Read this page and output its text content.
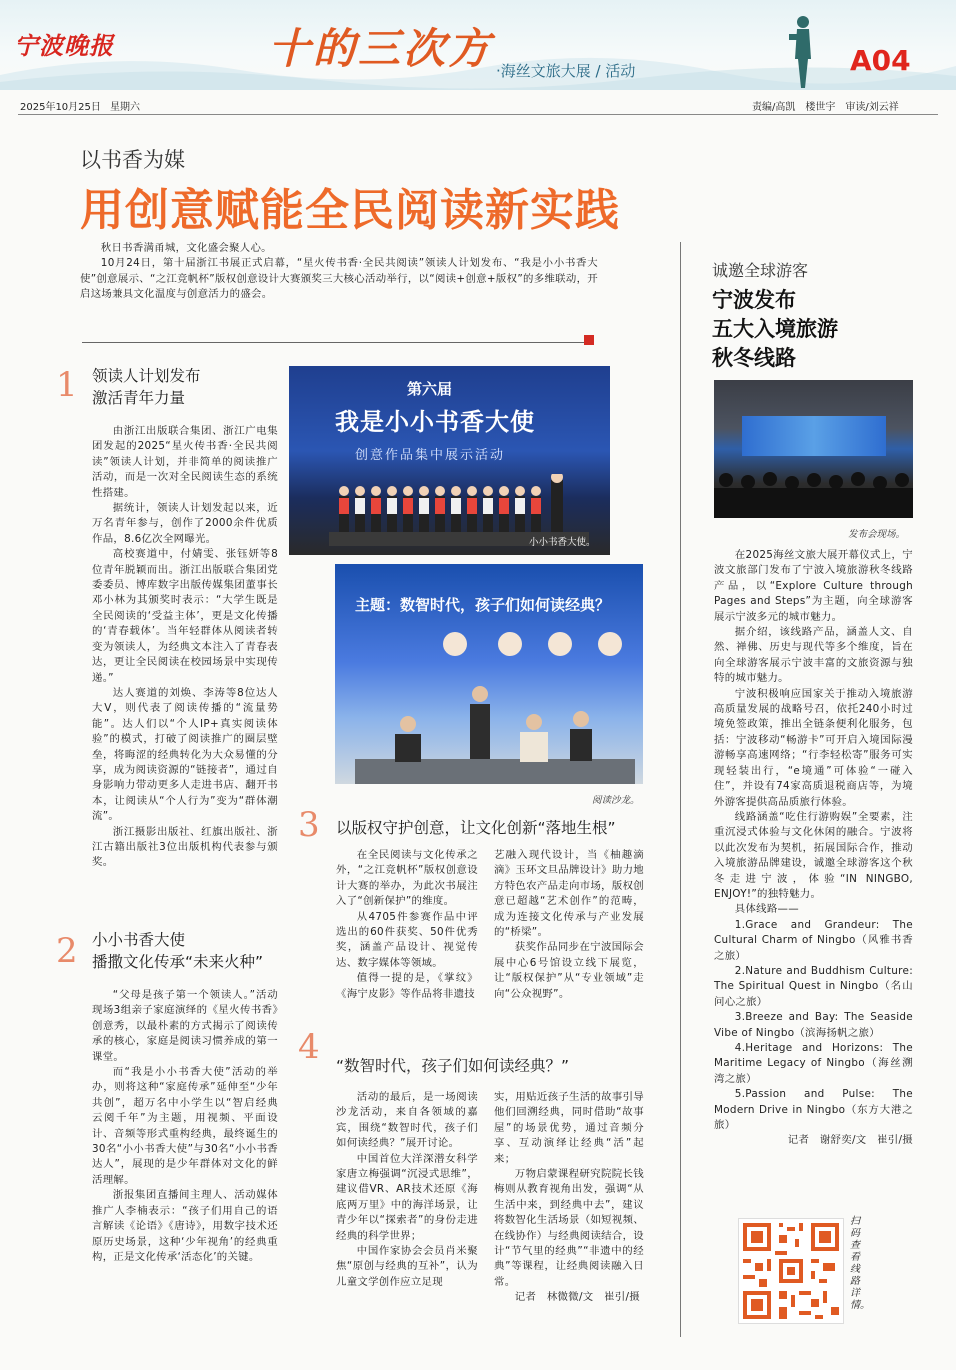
宁波晚报	十的三次方 ·海丝文旅大展 / 活动	A04
2025年10月25日 星期六	责编/高凯　楼世宇　审读/刘云祥
以书香为媒
用创意赋能全民阅读新实践

秋日书香满甬城，文化盛会聚人心。

10月24日，第十届浙江书展正式启幕，“星火传书香·全民共阅读”领读人计划发布、“我是小小书香大使”创意展示、“之江竞帆杯”版权创意设计大赛颁奖三大核心活动举行，以“阅读+创意+版权”的多维联动，开启这场兼具文化温度与创意活力的盛会。

1 领读人计划发布
激活青年力量

由浙江出版联合集团、浙江广电集团发起的2025“星火传书香·全民共阅读”领读人计划，并非简单的阅读推广活动，而是一次对全民阅读生态的系统性搭建。

据统计，领读人计划发起以来，近万名青年参与，创作了2000余件优质作品，8.6亿次全网曝光。

高校赛道中，付婧雯、张钰妍等8位青年脱颖而出。浙江出版联合集团党委委员、博库数字出版传媒集团董事长邓小林为其颁奖时表示：“大学生既是全民阅读的‘受益主体’，更是文化传播的‘青春载体’。当年轻群体从阅读者转变为领读人，为经典文本注入了青春表达，更让全民阅读在校园场景中实现传递。”

达人赛道的刘焕、李涛等8位达人大V，则代表了阅读传播的“流量势能”。达人们以“个人IP+真实阅读体验”的模式，打破了阅读推广的圈层壁垒，将晦涩的经典转化为大众易懂的分享，成为阅读资源的“链接者”，通过自身影响力带动更多人走进书店、翻开书本，让阅读从“个人行为”变为“群体潮流”。

浙江摄影出版社、红旗出版社、浙江古籍出版社3位出版机构代表参与颁奖。

2 小小书香大使
播撒文化传承“未来火种”

“父母是孩子第一个领读人。”活动现场3组亲子家庭演绎的《星火传书香》创意秀，以最朴素的方式揭示了阅读传承的核心，家庭是阅读习惯养成的第一课堂。

而“我是小小书香大使”活动的举办，则将这种“家庭传承”延伸至“少年共创”，超万名中小学生以“智启经典 云阅千年”为主题，用视频、平面设计、音频等形式重构经典，最终诞生的30名“小小书香大使”与30名“小小书香达人”，展现的是少年群体对文化的鲜活理解。

浙报集团直播间主理人、活动媒体推广人李楠表示：“孩子们用自己的语言解读《论语》《唐诗》，用数字技术还原历史场景，这种‘少年视角’的经典重构，正是文化传承‘活态化’的关键。

第六届
我是小小书香大使
创意作品集中展示活动
小小书香大使。
主题：数智时代，孩子们如何读经典？
阅读沙龙。
3 以版权守护创意，让文化创新“落地生根”

在全民阅读与文化传承之外，“之江竞帆杯”版权创意设计大赛的举办，为此次书展注入了“创新保护”的维度。

从4705件参赛作品中评选出的60件获奖、50件优秀奖，涵盖产品设计、视觉传达、数字媒体等领域。

值得一提的是，《掌纹》《海宁皮影》等作品将非遗技

艺融入现代设计，当《柚趣滴滴》玉环文旦品牌设计》助力地方特色农产品走向市场，版权创意已超越“艺术创作”的范畴，成为连接文化传承与产业发展的“桥梁”。

获奖作品同步在宁波国际会展中心6号馆设立线下展览，让“版权保护”从“专业领域”走向“公众视野”。

4 “数智时代，孩子们如何读经典？”

活动的最后，是一场阅读沙龙活动，来自各领域的嘉宾，围绕“数智时代，孩子们如何读经典？”展开讨论。

中国首位大洋深潜女科学家唐立梅强调“沉浸式思维”，建议借VR、AR技术还原《海底两万里》中的海洋场景，让青少年以“探索者”的身份走进经典的科学世界；

中国作家协会会员肖米聚焦“原创与经典的互补”，认为儿童文学创作应立足现

实，用贴近孩子生活的故事引导他们回溯经典，同时借助“故事屋”的场景优势，通过音频分享、互动演绎让经典“活”起来；

万物启蒙课程研究院院长钱梅则从教育视角出发，强调“从生活中来，到经典中去”，建议将数智化生活场景（如短视频、在线协作）与经典阅读结合，设计“节气里的经典”“非遗中的经典”等课程，让经典阅读融入日常。

记者　林微微/文　崔引/摄

诚邀全球游客
宁波发布
五大入境旅游
秋冬线路
发布会现场。

在2025海丝文旅大展开幕仪式上，宁波文旅部门发布了宁波入境旅游秋冬线路产品，以“Explore Culture through Pages and Steps”为主题，向全球游客展示宁波多元的城市魅力。

据介绍，该线路产品，涵盖人文、自然、禅佛、历史与现代等多个维度，旨在向全球游客展示宁波丰富的文旅资源与独特的城市魅力。

宁波积极响应国家关于推动入境旅游高质量发展的战略号召，依托240小时过境免签政策，推出全链条便利化服务，包括：宁波移动“畅游卡”可开启入境国际漫游畅享高速网络；“行李轻松寄”服务可实现轻装出行，“e境通”可体验“一碰入住”，并设有74家高质退税商店等，为境外游客提供高品质旅行体验。

线路涵盖“吃住行游购娱”全要素，注重沉浸式体验与文化休闲的融合。宁波将以此次发布为契机，拓展国际合作，推动入境旅游品牌建设，诚邀全球游客这个秋冬走进宁波，体验“IN NINGBO, ENJOY!”的独特魅力。

具体线路——

1.Grace and Grandeur: The Cultural Charm of Ningbo（风雅书香之旅）

2.Nature and Buddhism Culture: The Spiritual Quest in Ningbo（名山问心之旅）

3.Breeze and Bay: The Seaside Vibe of Ningbo（滨海扬帆之旅）

4.Heritage and Horizons: The Maritime Legacy of Ningbo（海丝溯湾之旅）

5.Passion and Pulse: The Modern Drive in Ningbo（东方大港之旅）

记者　谢舒奕/文　崔引/摄

扫码查看线路详情。
